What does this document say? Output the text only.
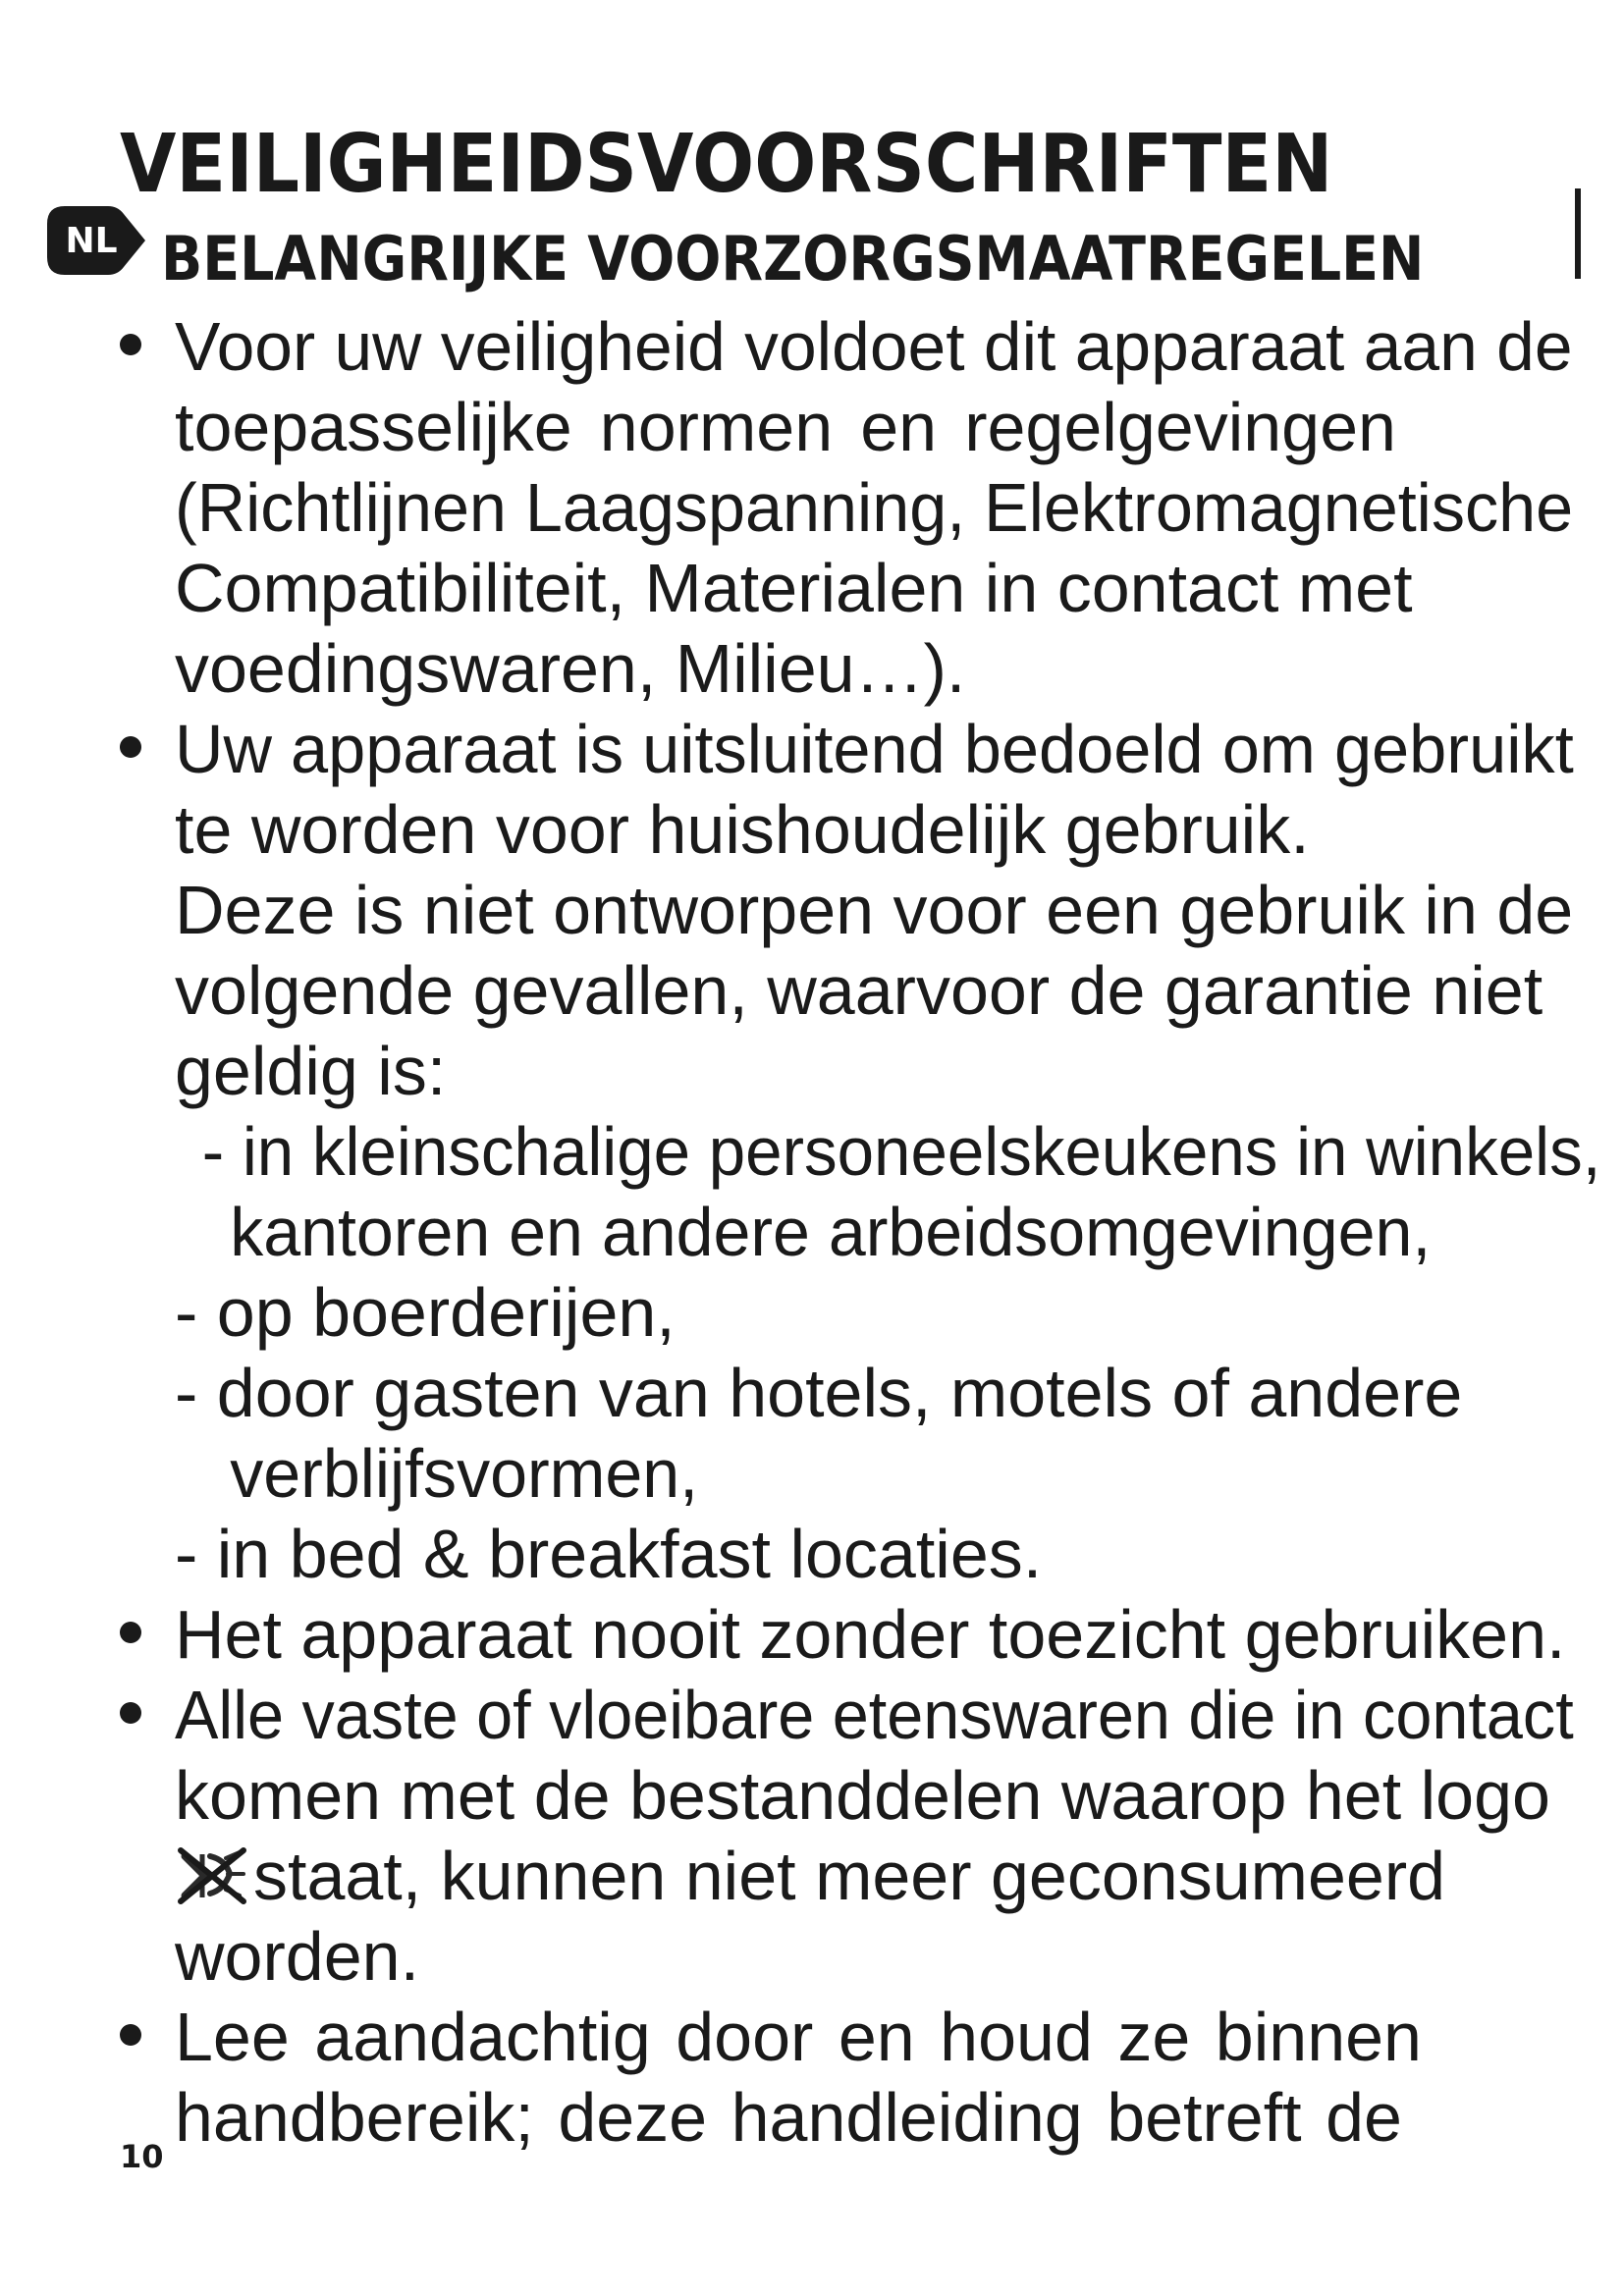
VEILIGHEIDSVOORSCHRIFTEN
NL BELANGRIJKE VOORZORGSMAATREGELEN
Voor uw veiligheid voldoet dit apparaat aan de
toepasselijke normen en regelgevingen
(Richtlijnen Laagspanning, Elektromagnetische
Compatibiliteit, Materialen in contact met
voedingswaren, Milieu…).
Uw apparaat is uitsluitend bedoeld om gebruikt
te worden voor huishoudelijk gebruik.
Deze is niet ontworpen voor een gebruik in de
volgende gevallen, waarvoor de garantie niet
geldig is:
- in kleinschalige personeelskeukens in winkels,
kantoren en andere arbeidsomgevingen,
- op boerderijen,
- door gasten van hotels, motels of andere
verblijfsvormen,
- in bed & breakfast locaties.
Het apparaat nooit zonder toezicht gebruiken.
Alle vaste of vloeibare etenswaren die in contact
komen met de bestanddelen waarop het logo
staat, kunnen niet meer geconsumeerd
worden.
Lee aandachtig door en houd ze binnen
handbereik; deze handleiding betreft de
10
